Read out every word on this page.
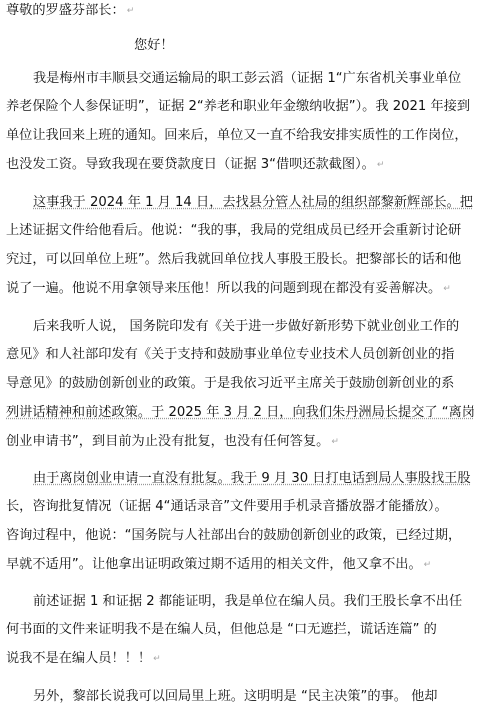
尊敬的罗盛芬部长： ↵
您好！
我是梅州市丰顺县交通运输局的职工彭云滔（证据 1“广东省机关事业单位
养老保险个人参保证明”，证据 2“养老和职业年金缴纳收据”）。我 2021 年接到
单位让我回来上班的通知。回来后，单位又一直不给我安排实质性的工作岗位，
也没发工资。导致我现在要贷款度日（证据 3“借呗还款截图）。 ↵
这事我于 2024 年 1 月 14 日，去找县分管人社局的组织部黎新辉部长。把
上述证据文件给他看后。他说：“我的事，我局的党组成员已经开会重新讨论研
究过，可以回单位上班”。然后我就回单位找人事股王股长。把黎部长的话和他
说了一遍。他说不用拿领导来压他！所以我的问题到现在都没有妥善解决。 ↵
后来我听人说， 国务院印发有《关于进一步做好新形势下就业创业工作的
意见》和人社部印发有《关于支持和鼓励事业单位专业技术人员创新创业的指
导意见》的鼓励创新创业的政策。于是我依习近平主席关于鼓励创新创业的系
列讲话精神和前述政策。于 2025 年 3 月 2 日，向我们朱丹洲局长提交了 “离岗
创业申请书”，到目前为止没有批复，也没有任何答复。 ↵
由于离岗创业申请一直没有批复。我于 9 月 30 日打电话到局人事股找王股
长，咨询批复情况（证据 4“通话录音”文件要用手机录音播放器才能播放）。
咨询过程中，他说：“国务院与人社部出台的鼓励创新创业的政策，已经过期，
早就不适用”。让他拿出证明政策过期不适用的相关文件，他又拿不出。 ↵
前述证据 1 和证据 2 都能证明，我是单位在编人员。我们王股长拿不出任
何书面的文件来证明我不是在编人员，但他总是 “口无遮拦，谎话连篇” 的
说我不是在编人员！！！ ↵
另外，黎部长说我可以回局里上班。这明明是 “民主决策”的事。 他却
